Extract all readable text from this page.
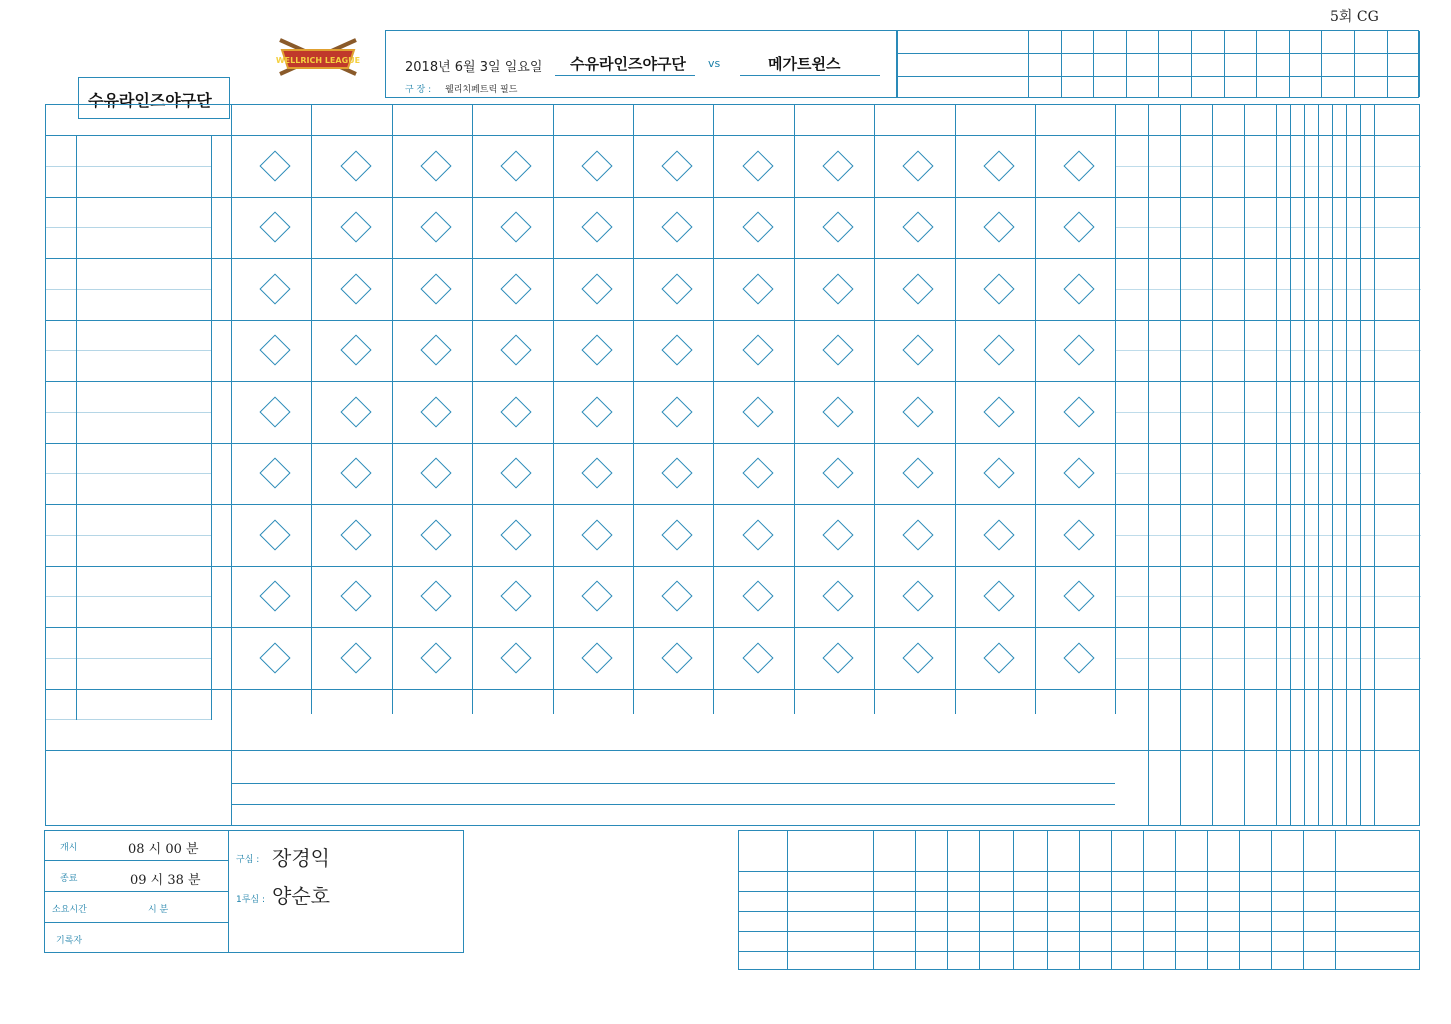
5회 CG
WELLRICH LEAGUE	2018년 6월 3일 일요일 수유라인즈야구단 vs	메가트윈스
구 장 : 웰리치페트릭 필드
수유라인즈야구단
개시
종료
소요시간
기록자
08 시 00 분
09 시 38 분
시 분
구심 : 장경익
1루심 : 양순호
